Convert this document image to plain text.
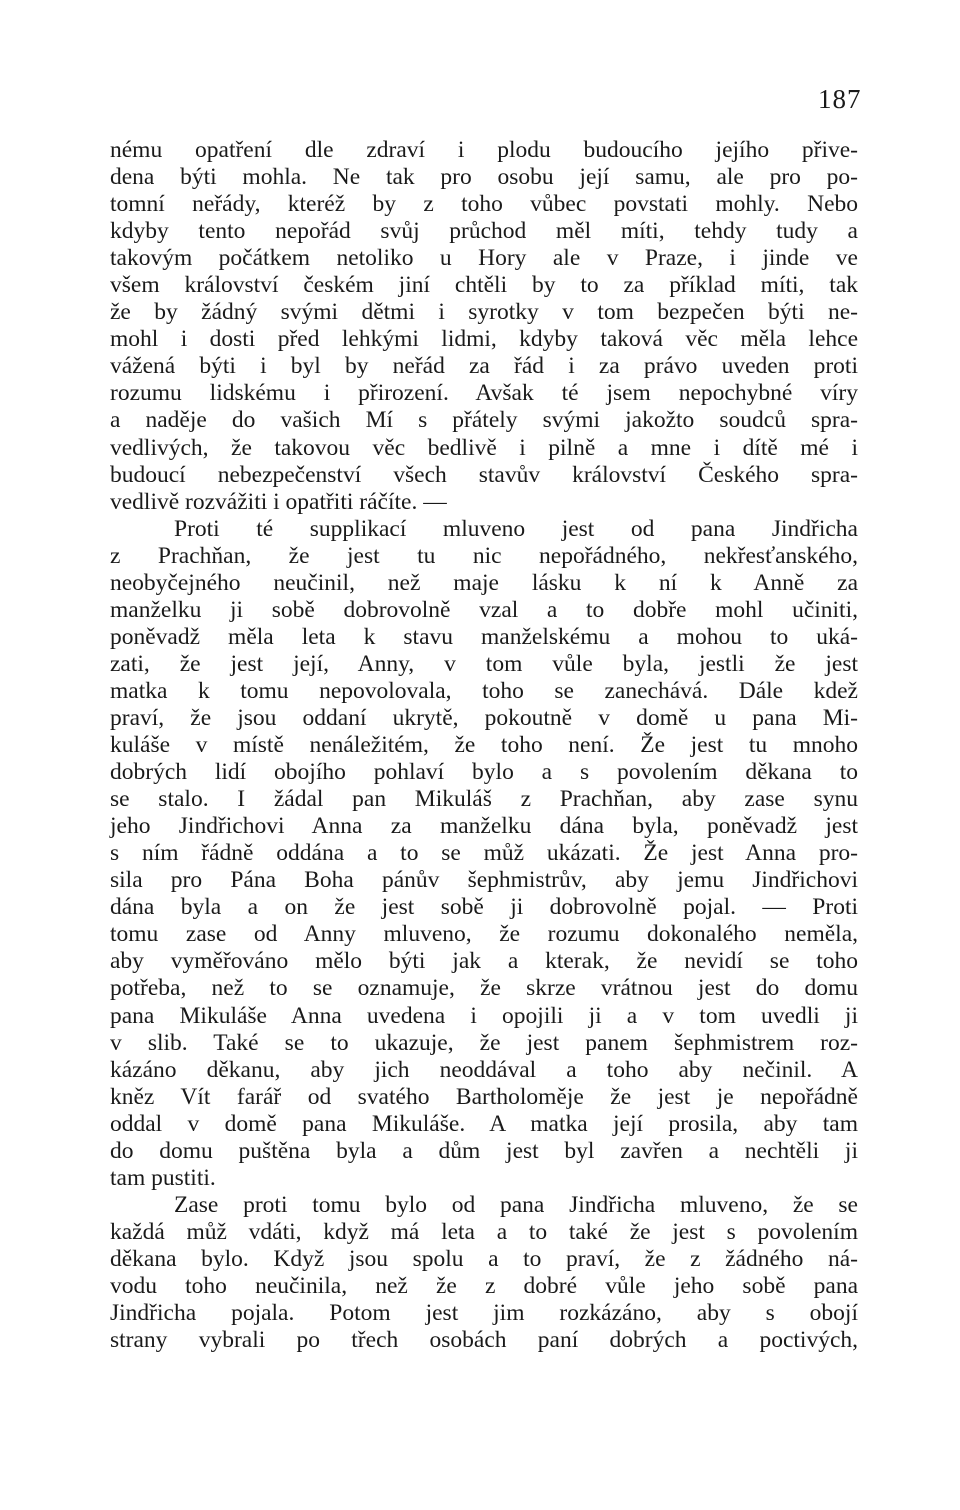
187
nému opatření dle zdraví i plodu budoucího jejího přive-
dena býti mohla. Ne tak pro osobu její samu, ale pro po-
tomní neřády, kteréž by z toho vůbec povstati mohly. Nebo
kdyby tento nepořád svůj průchod měl míti, tehdy tudy a
takovým počátkem netoliko u Hory ale v Praze, i jinde ve
všem království českém jiní chtěli by to za příklad míti, tak
že by žádný svými dětmi i syrotky v tom bezpečen býti ne-
mohl i dosti před lehkými lidmi, kdyby taková věc měla lehce
vážená býti i byl by neřád za řád i za právo uveden proti
rozumu lidskému i přirození. Avšak té jsem nepochybné víry
a naděje do vašich Mí s přátely svými jakožto soudců spra-
vedlivých, že takovou věc bedlivě i pilně a mne i dítě mé i
budoucí nebezpečenství všech stavův království Českého spra-
vedlivě rozvážiti i opatřiti ráčíte. —
Proti té supplikací mluveno jest od pana Jindřicha
z Prachňan, že jest tu nic nepořádného, nekřesťanského,
neobyčejného neučinil, než maje lásku k ní k Anně za
manželku ji sobě dobrovolně vzal a to dobře mohl učiniti,
poněvadž měla leta k stavu manželskému a mohou to uká-
zati, že jest její, Anny, v tom vůle byla, jestli že jest
matka k tomu nepovolovala, toho se zanechává. Dále kdež
praví, že jsou oddaní ukrytě, pokoutně v domě u pana Mi-
kuláše v místě nenáležitém, že toho není. Že jest tu mnoho
dobrých lidí obojího pohlaví bylo a s povolením děkana to
se stalo. I žádal pan Mikuláš z Prachňan, aby zase synu
jeho Jindřichovi Anna za manželku dána byla, poněvadž jest
s ním řádně oddána a to se můž ukázati. Že jest Anna pro-
sila pro Pána Boha pánův šephmistrův, aby jemu Jindřichovi
dána byla a on že jest sobě ji dobrovolně pojal. — Proti
tomu zase od Anny mluveno, že rozumu dokonalého neměla,
aby vyměřováno mělo býti jak a kterak, že nevidí se toho
potřeba, než to se oznamuje, že skrze vrátnou jest do domu
pana Mikuláše Anna uvedena i opojili ji a v tom uvedli ji
v slib. Také se to ukazuje, že jest panem šephmistrem roz-
kázáno děkanu, aby jich neoddával a toho aby nečinil. A
kněz Vít farář od svatého Bartholoměje že jest je nepořádně
oddal v domě pana Mikuláše. A matka její prosila, aby tam
do domu puštěna byla a dům jest byl zavřen a nechtěli ji
tam pustiti.
Zase proti tomu bylo od pana Jindřicha mluveno, že se
každá můž vdáti, když má leta a to také že jest s povolením
děkana bylo. Když jsou spolu a to praví, že z žádného ná-
vodu toho neučinila, než že z dobré vůle jeho sobě pana
Jindřicha pojala. Potom jest jim rozkázáno, aby s obojí
strany vybrali po třech osobách paní dobrých a poctivých,
